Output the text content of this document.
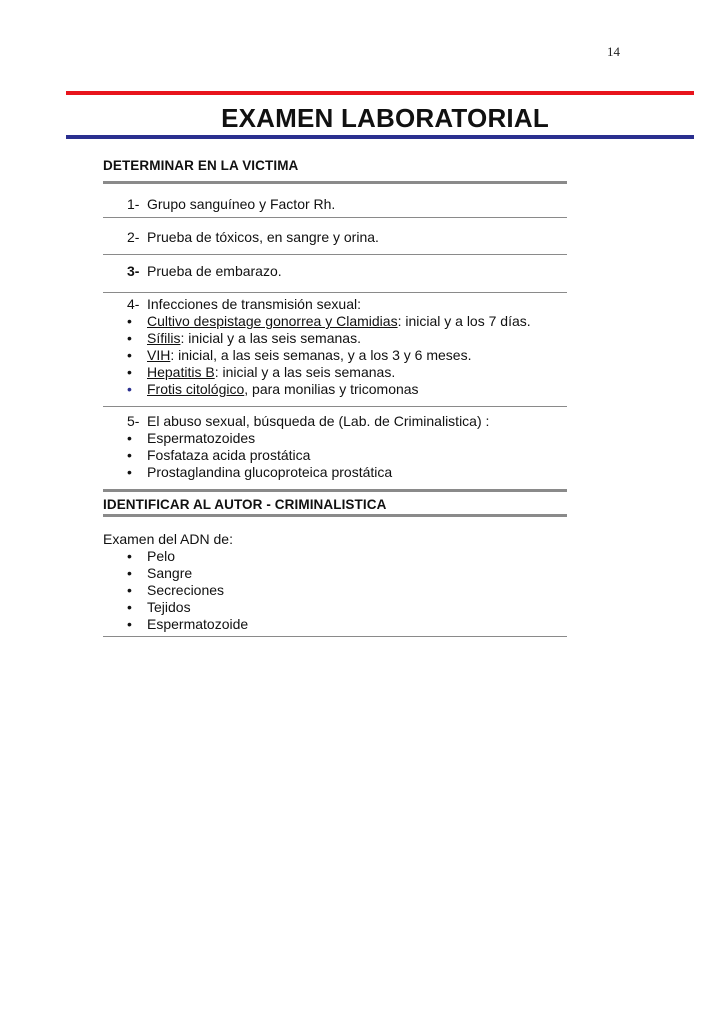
14
EXAMEN LABORATORIAL
DETERMINAR EN LA VICTIMA
1- Grupo sanguíneo y Factor Rh.
2- Prueba de tóxicos, en sangre y orina.
3- Prueba de embarazo.
4- Infecciones de transmisión sexual:
• Cultivo despistage gonorrea y Clamidias: inicial y a los 7 días.
• Sífilis: inicial y a las seis semanas.
• VIH: inicial, a las seis semanas, y a los 3 y 6 meses.
• Hepatitis B: inicial y a las seis semanas.
• Frotis citológico, para monilias y tricomonas
5- El abuso sexual, búsqueda de (Lab. de Criminalistica) :
• Espermatozoides
• Fosfataza acida prostática
• Prostaglandina glucoproteica prostática
IDENTIFICAR AL AUTOR - CRIMINALISTICA
Examen del ADN de:
• Pelo
• Sangre
• Secreciones
• Tejidos
• Espermatozoide
